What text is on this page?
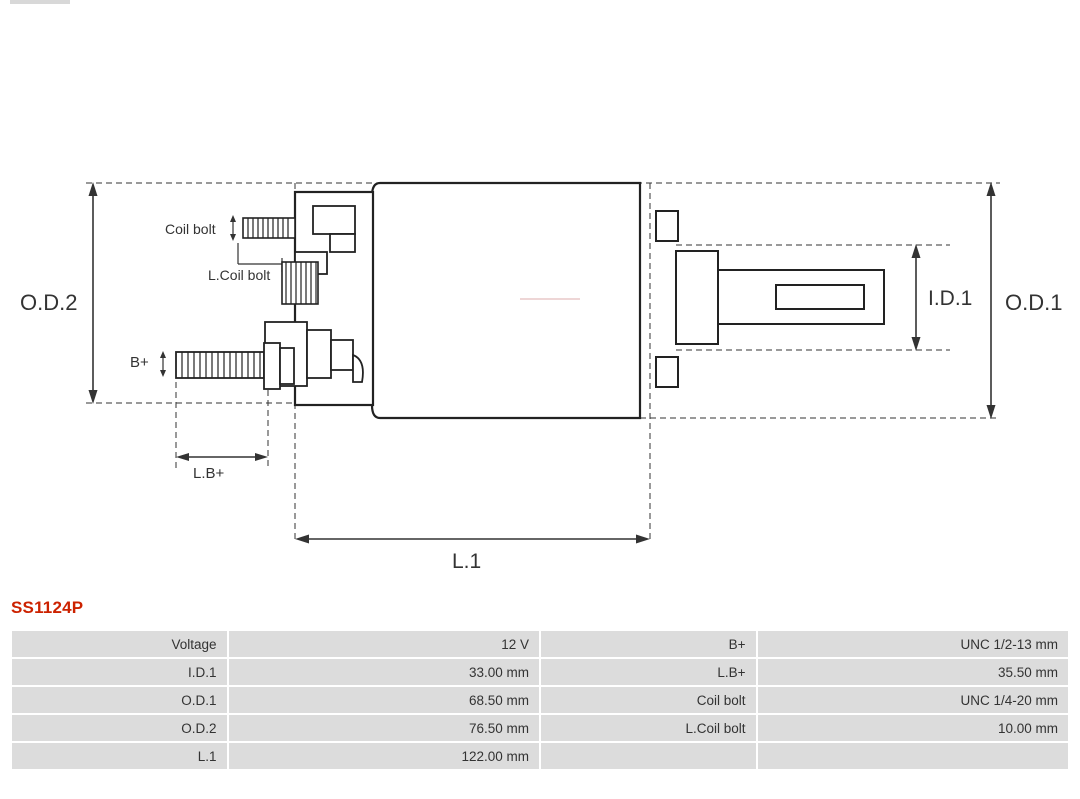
O.D.2	O.D.1
I.D.1
L.1
L.B+
B+
Coil bolt
L.Coil bolt
SS1124P
Voltage	12 V	B+	UNC 1/2-13 mm
I.D.1	33.00 mm	L.B+	35.50 mm
O.D.1	68.50 mm	Coil bolt	UNC 1/4-20 mm
O.D.2	76.50 mm	L.Coil bolt	10.00 mm
L.1	122.00 mm		
